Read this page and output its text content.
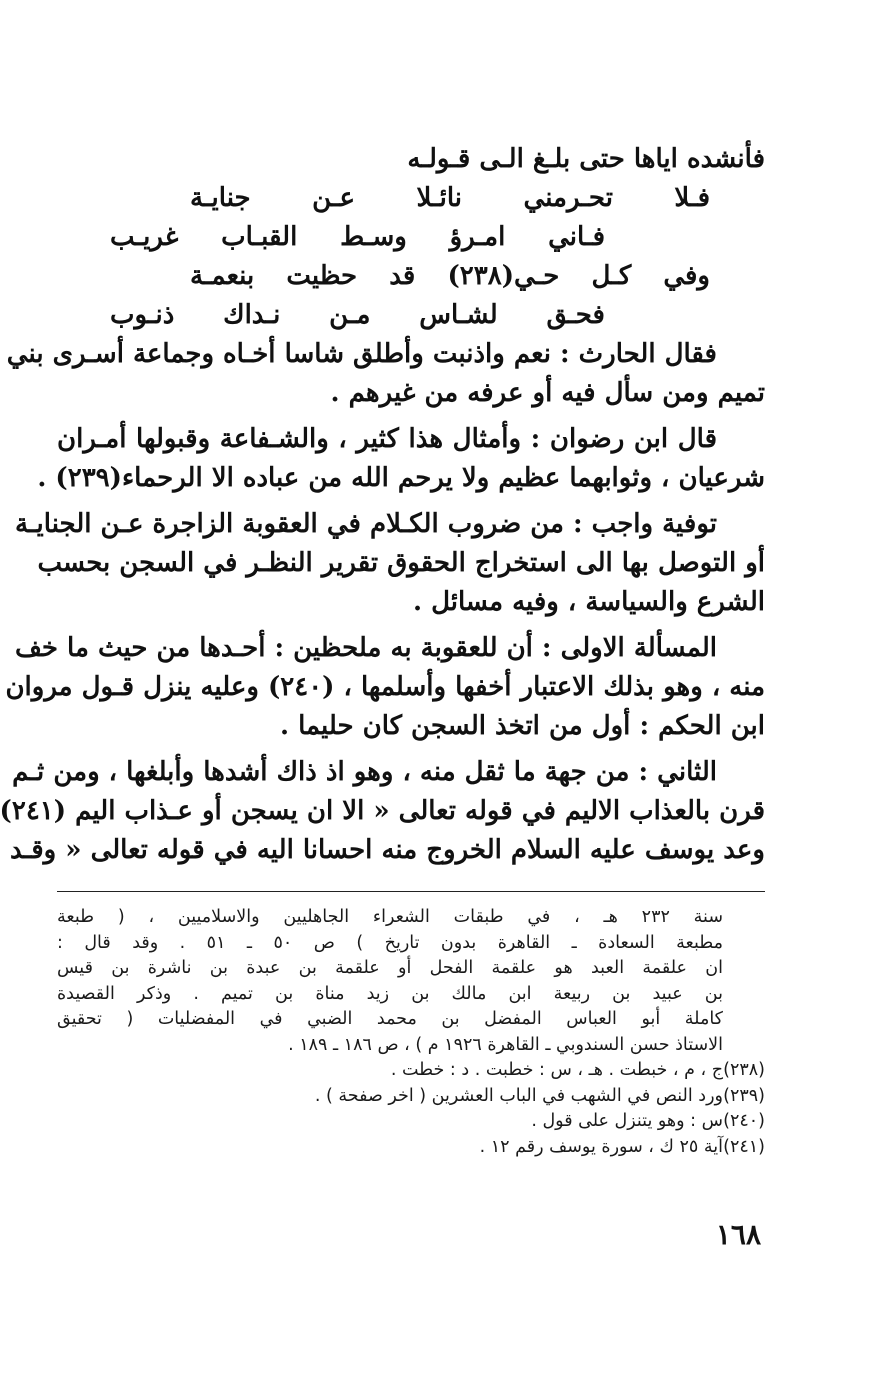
فأنشده اياها حتى بلـغ الـى قـولـه
فـلا تحـرمني نائـلا عـن جنايـة
فـاني امـرؤ وسـط القبـاب غريـب
وفي كـل حـي(٢٣٨) قد حظيت بنعمـة
فحـق لشـاس مـن نـداك ذنـوب
فقال الحارث : نعم واذنبت وأطلق شاسا أخـاه وجماعة أسـرى بني
تميم ومن سأل فيه أو عرفه من غيرهم .
قال ابن رضوان : وأمثال هذا كثير ، والشـفاعة وقبولها أمـران
شرعيان ، وثوابهما عظيم ولا يرحم الله من عباده الا الرحماء(٢٣٩) .
توفية واجب : من ضروب الكـلام في العقوبة الزاجرة عـن الجنايـة
أو التوصل بها الى استخراج الحقوق تقرير النظـر في السجن بحسب
الشرع والسياسة ، وفيه مسائل .
المسألة الاولى : أن للعقوبة به ملحظين : أحـدها من حيث ما خف
منه ، وهو بذلك الاعتبار أخفها وأسلمها ، (٢٤٠) وعليه ينزل قـول مروان
ابن الحكم : أول من اتخذ السجن كان حليما .
الثاني : من جهة ما ثقل منه ، وهو اذ ذاك أشدها وأبلغها ، ومن ثـم
قرن بالعذاب الاليم في قوله تعالى « الا ان يسجن أو عـذاب اليم (٢٤١)
وعد يوسف عليه السلام الخروج منه احسانا اليه في قوله تعالى « وقـد
سنة ٢٣٢ هـ ، في طبقات الشعراء الجاهليين والاسلاميين ، ( طبعة
مطبعة السعادة ـ القاهرة بدون تاريخ ) ص ٥٠ ـ ٥١ . وقد قال :
ان علقمة العبد هو علقمة الفحل أو علقمة بن عبدة بن ناشرة بن قيس
بن عبيد بن ربيعة ابن مالك بن زيد مناة بن تميم . وذكر القصيدة
كاملة أبو العباس المفضل بن محمد الضبي في المفضليات ( تحقيق
الاستاذ حسن السندوبي ـ القاهرة ١٩٢٦ م ) ، ص ١٨٦ ـ ١٨٩ .
(٢٣٨)
ج ، م ، خبطت . هـ ، س : خطبت . د : خطت .
(٢٣٩)
ورد النص في الشهب في الباب العشرين ( اخر صفحة ) .
(٢٤٠)
س : وهو يتنزل على قول .
(٢٤١)
آية ٢٥ ك ، سورة يوسف رقم ١٢ .
١٦٨
